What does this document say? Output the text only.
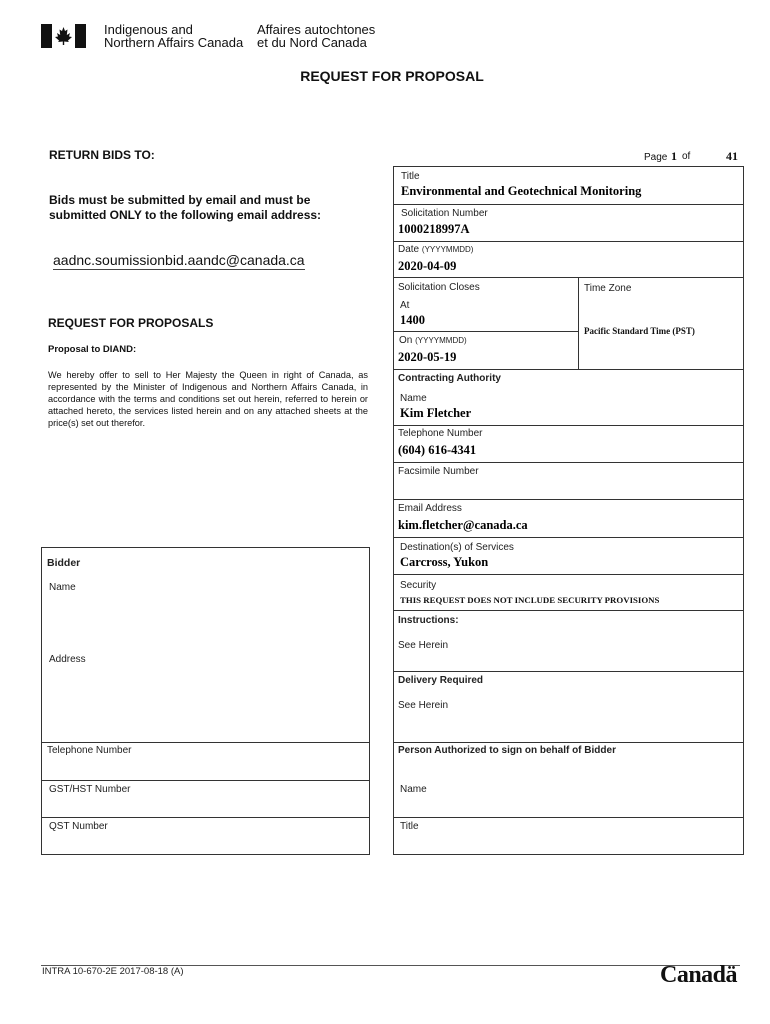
Indigenous and
Northern Affairs Canada
Affaires autochtones
et du Nord Canada
REQUEST FOR PROPOSAL
RETURN BIDS TO:
Bids must be submitted by email and must be
submitted ONLY to the following email address:
aadnc.soumissionbid.aandc@canada.ca
REQUEST FOR PROPOSALS
Proposal to DIAND:
We hereby offer to sell to Her Majesty the Queen in right of Canada, as represented by the Minister of Indigenous and Northern Affairs Canada, in accordance with the terms and conditions set out herein, referred to herein or attached hereto, the services listed herein and on any attached sheets at the price(s) set out therefor.
Page 1 of	41
Title
Environmental and Geotechnical Monitoring
Solicitation Number
1000218997A
Date (YYYYMMDD)
2020-04-09
Solicitation Closes
At
1400
On (YYYYMMDD)
2020-05-19
Time Zone
Pacific Standard Time (PST)
Contracting Authority
Name
Kim Fletcher
Telephone Number
(604) 616-4341
Facsimile Number
Email Address
kim.fletcher@canada.ca
Destination(s) of Services
Carcross, Yukon
Security
THIS REQUEST DOES NOT INCLUDE SECURITY PROVISIONS
Instructions:
See Herein
Delivery Required
See Herein
Person Authorized to sign on behalf of Bidder
Name
Title
Bidder
Name
Address
Telephone Number
GST/HST Number
QST Number
INTRA 10-670-2E 2017-08-18 (A)	Canadä
